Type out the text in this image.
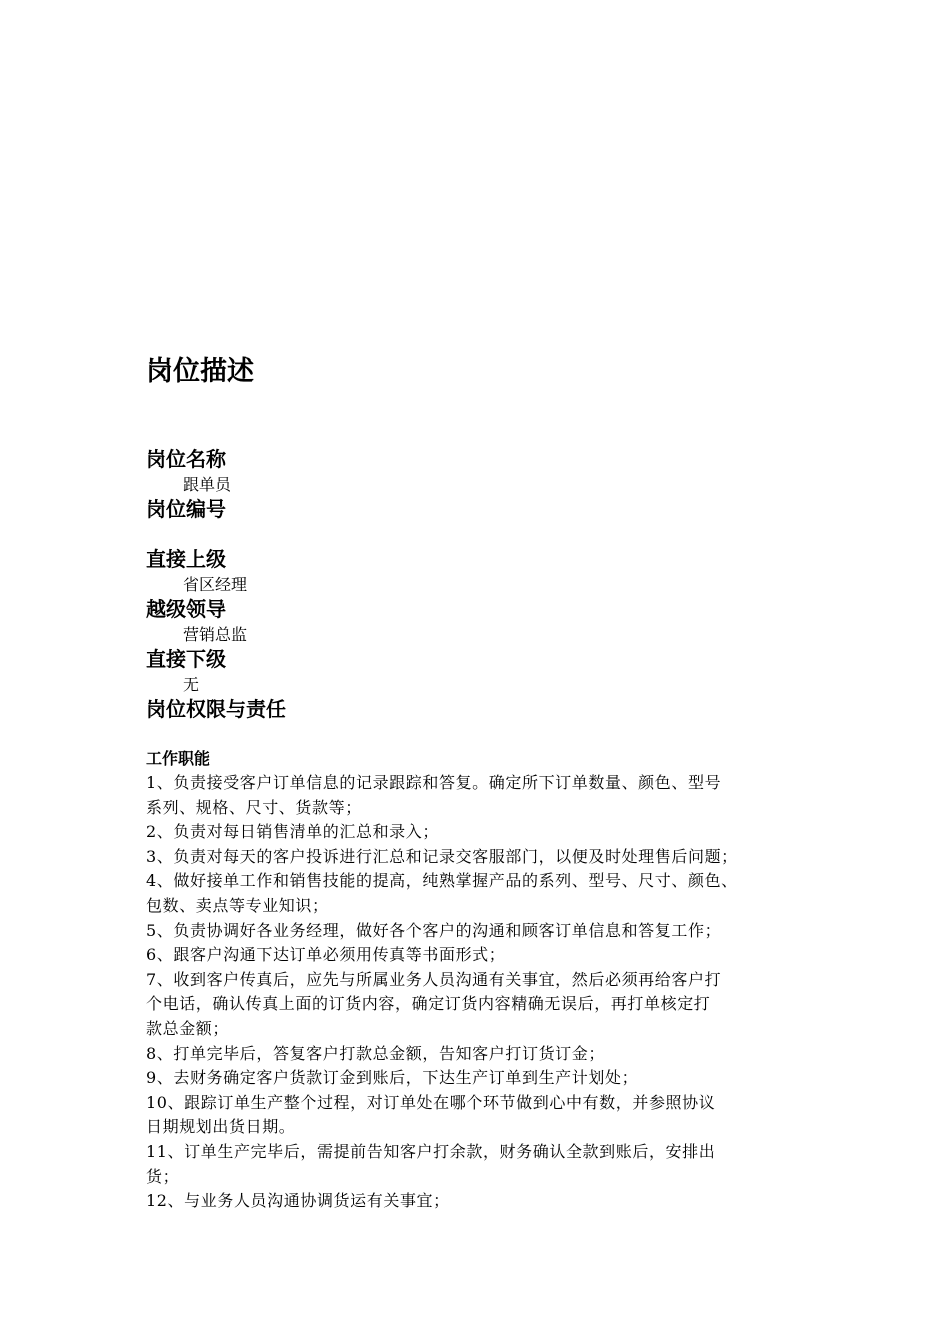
岗位描述
岗位名称
跟单员
岗位编号
直接上级
省区经理
越级领导
营销总监
直接下级
无
岗位权限与责任
工作职能
1、负责接受客户订单信息的记录跟踪和答复。确定所下订单数量、颜色、型号
系列、规格、尺寸、货款等；
2、负责对每日销售清单的汇总和录入；
3、负责对每天的客户投诉进行汇总和记录交客服部门，以便及时处理售后问题；
4、做好接单工作和销售技能的提高，纯熟掌握产品的系列、型号、尺寸、颜色、
包数、卖点等专业知识；
5、负责协调好各业务经理，做好各个客户的沟通和顾客订单信息和答复工作；
6、跟客户沟通下达订单必须用传真等书面形式；
7、收到客户传真后，应先与所属业务人员沟通有关事宜，然后必须再给客户打
个电话，确认传真上面的订货内容，确定订货内容精确无误后，再打单核定打
款总金额；
8、打单完毕后，答复客户打款总金额，告知客户打订货订金；
9、去财务确定客户货款订金到账后，下达生产订单到生产计划处；
10、跟踪订单生产整个过程，对订单处在哪个环节做到心中有数，并参照协议
日期规划出货日期。
11、订单生产完毕后，需提前告知客户打余款，财务确认全款到账后，安排出
货；
12、与业务人员沟通协调货运有关事宜；
